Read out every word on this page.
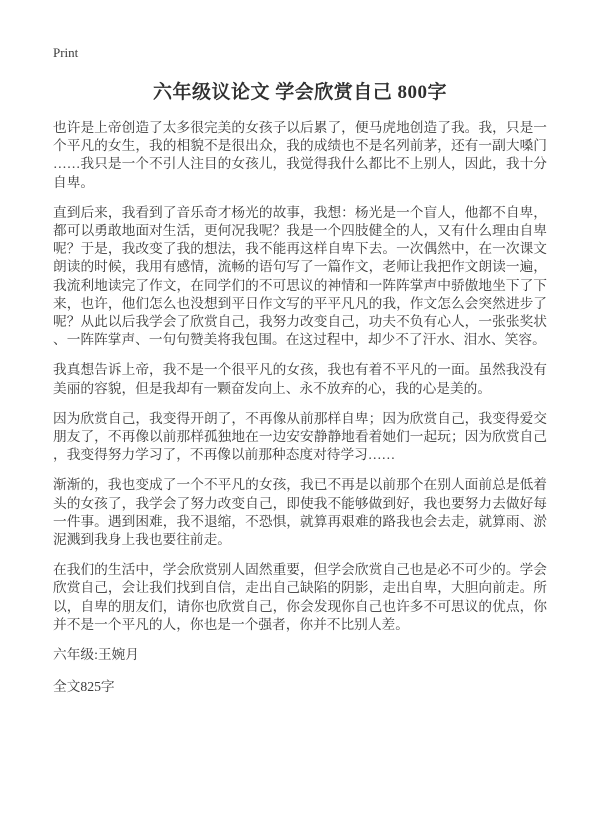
Print
六年级议论文 学会欣赏自己 800字

也许是上帝创造了太多很完美的女孩子以后累了，便马虎地创造了我。我，只是一个平凡的女生，我的相貌不是很出众，我的成绩也不是名列前茅，还有一副大嗓门……我只是一个不引人注目的女孩儿，我觉得我什么都比不上别人，因此，我十分自卑。

直到后来，我看到了音乐奇才杨光的故事，我想：杨光是一个盲人，他都不自卑，都可以勇敢地面对生活，更何况我呢？我是一个四肢健全的人，又有什么理由自卑呢？于是，我改变了我的想法，我不能再这样自卑下去。一次偶然中，在一次课文朗读的时候，我用有感情，流畅的语句写了一篇作文，老师让我把作文朗读一遍，我流利地读完了作文，在同学们的不可思议的神情和一阵阵掌声中骄傲地坐下了下来，也许，他们怎么也没想到平日作文写的平平凡凡的我，作文怎么会突然进步了呢？从此以后我学会了欣赏自己，我努力改变自己，功夫不负有心人，一张张奖状、一阵阵掌声、一句句赞美将我包围。在这过程中，却少不了汗水、泪水、笑容。

我真想告诉上帝，我不是一个很平凡的女孩，我也有着不平凡的一面。虽然我没有美丽的容貌，但是我却有一颗奋发向上、永不放弃的心，我的心是美的。

因为欣赏自己，我变得开朗了，不再像从前那样自卑；因为欣赏自己，我变得爱交朋友了，不再像以前那样孤独地在一边安安静静地看着她们一起玩；因为欣赏自己，我变得努力学习了，不再像以前那种态度对待学习……

渐渐的，我也变成了一个不平凡的女孩，我已不再是以前那个在别人面前总是低着头的女孩了，我学会了努力改变自己，即使我不能够做到好，我也要努力去做好每一件事。遇到困难，我不退缩，不恐惧，就算再艰难的路我也会去走，就算雨、淤泥溅到我身上我也要往前走。

在我们的生活中，学会欣赏别人固然重要，但学会欣赏自己也是必不可少的。学会欣赏自己，会让我们找到自信，走出自己缺陷的阴影，走出自卑，大胆向前走。所以，自卑的朋友们，请你也欣赏自己，你会发现你自己也许多不可思议的优点，你并不是一个平凡的人，你也是一个强者，你并不比别人差。

六年级:王婉月

全文825字
